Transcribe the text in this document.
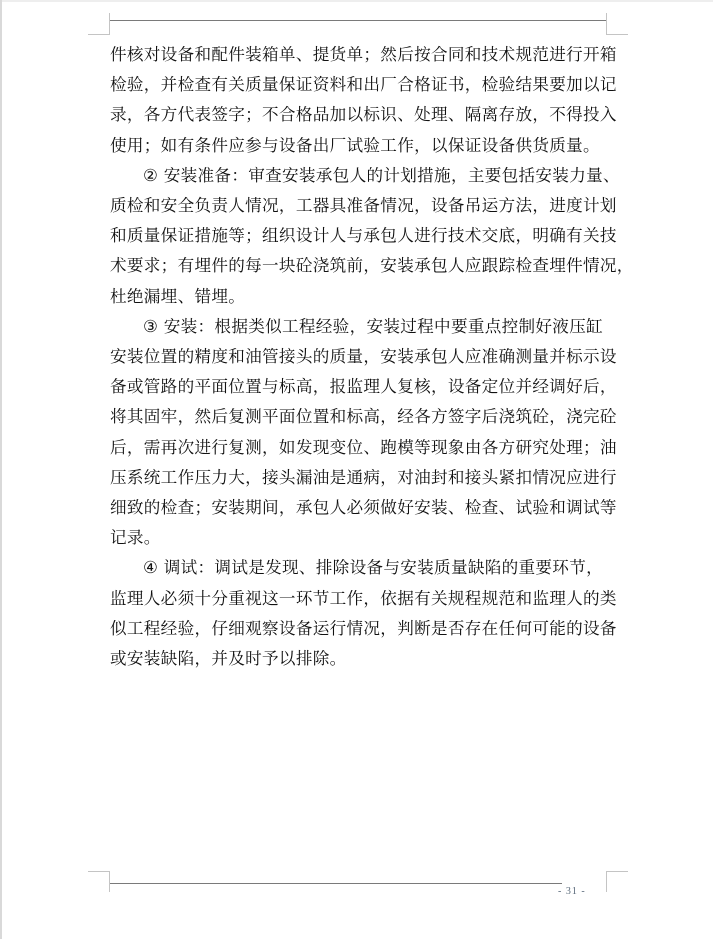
件核对设备和配件装箱单、提货单；然后按合同和技术规范进行开箱
检验，并检查有关质量保证资料和出厂合格证书，检验结果要加以记
录，各方代表签字；不合格品加以标识、处理、隔离存放，不得投入
使用；如有条件应参与设备出厂试验工作，以保证设备供货质量。

② 安装准备：审查安装承包人的计划措施，主要包括安装力量、
质检和安全负责人情况，工器具准备情况，设备吊运方法，进度计划
和质量保证措施等；组织设计人与承包人进行技术交底，明确有关技
术要求；有埋件的每一块砼浇筑前，安装承包人应跟踪检查埋件情况，
杜绝漏埋、错埋。

③ 安装：根据类似工程经验，安装过程中要重点控制好液压缸
安装位置的精度和油管接头的质量，安装承包人应准确测量并标示设
备或管路的平面位置与标高，报监理人复核，设备定位并经调好后，
将其固牢，然后复测平面位置和标高，经各方签字后浇筑砼，浇完砼
后，需再次进行复测，如发现变位、跑模等现象由各方研究处理；油
压系统工作压力大，接头漏油是通病，对油封和接头紧扣情况应进行
细致的检查；安装期间，承包人必须做好安装、检查、试验和调试等
记录。

④ 调试：调试是发现、排除设备与安装质量缺陷的重要环节，
监理人必须十分重视这一环节工作，依据有关规程规范和监理人的类
似工程经验，仔细观察设备运行情况，判断是否存在任何可能的设备
或安装缺陷，并及时予以排除。

- 31 -
